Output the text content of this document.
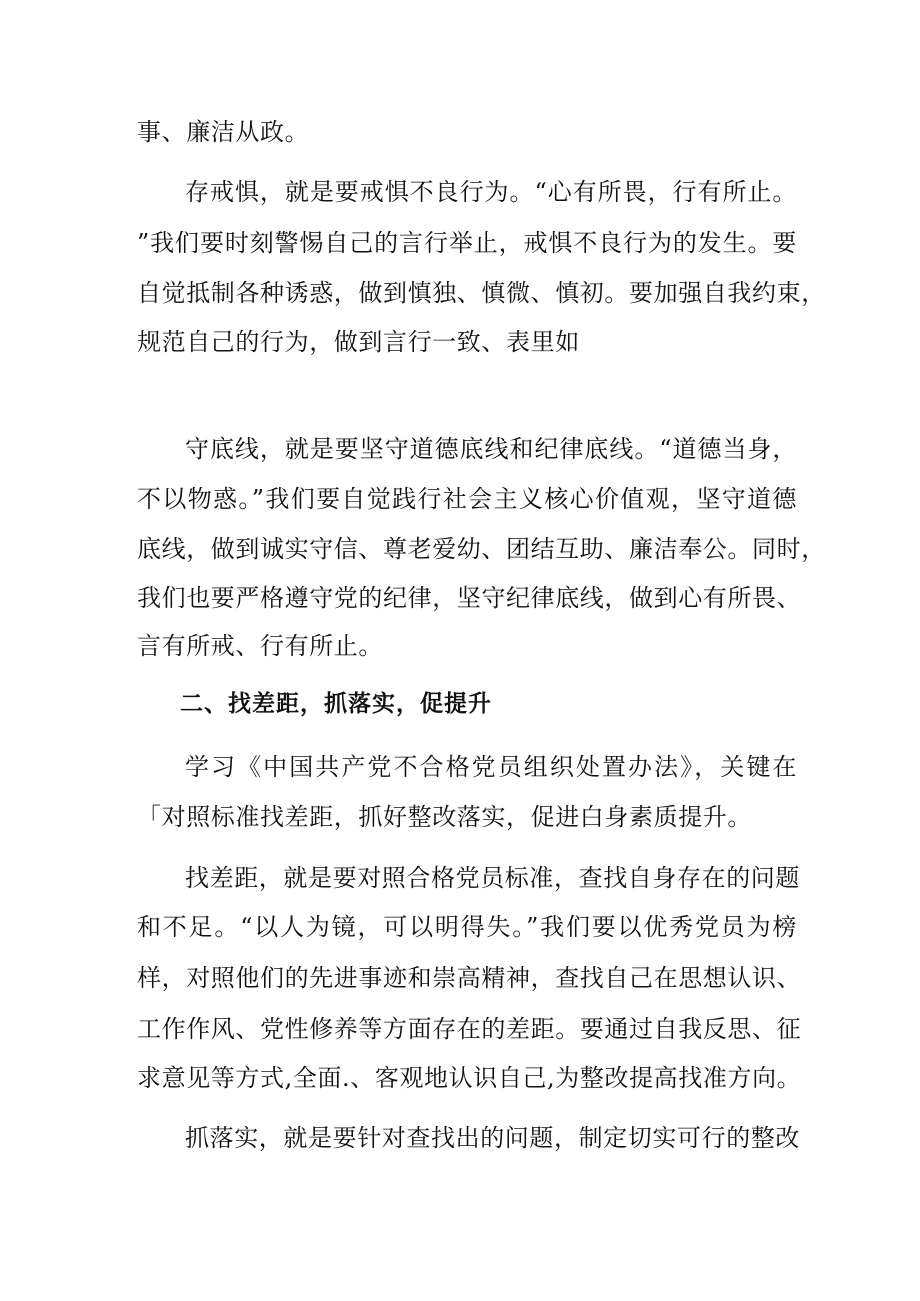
事、廉洁从政。
存戒惧，就是要戒惧不良行为。“心有所畏，行有所止。
”我们要时刻警惕自己的言行举止，戒惧不良行为的发生。要
自觉抵制各种诱惑，做到慎独、慎微、慎初。要加强自我约束，
规范自己的行为，做到言行一致、表里如
守底线，就是要坚守道德底线和纪律底线。“道德当身，
不以物惑。”我们要自觉践行社会主义核心价值观，坚守道德
底线，做到诚实守信、尊老爱幼、团结互助、廉洁奉公。同时，
我们也要严格遵守党的纪律，坚守纪律底线，做到心有所畏、
言有所戒、行有所止。
二、找差距，抓落实，促提升
学习《中国共产党不合格党员组织处置办法》，关键在
「对照标准找差距，抓好整改落实，促进白身素质提升。
找差距，就是要对照合格党员标准，查找自身存在的问题
和不足。“以人为镜，可以明得失。”我们要以优秀党员为榜
样，对照他们的先进事迹和崇高精神，查找自己在思想认识、
工作作风、党性修养等方面存在的差距。要通过自我反思、征
求意见等方式,全面.、客观地认识自己,为整改提高找准方向。
抓落实，就是要针对查找出的问题，制定切实可行的整改
